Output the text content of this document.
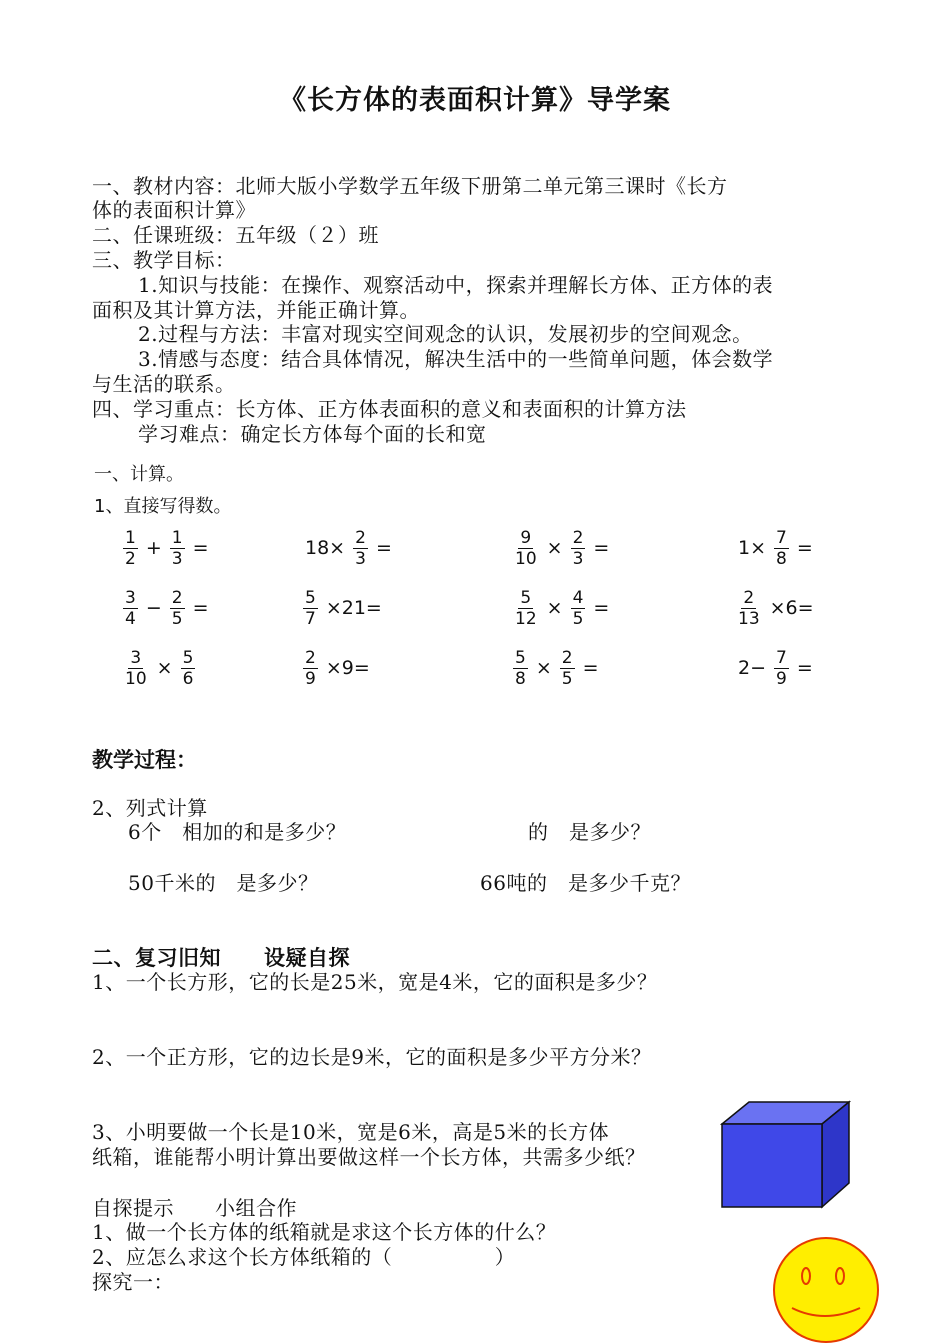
《长方体的表面积计算》导学案
一、教材内容：北师大版小学数学五年级下册第二单元第三课时《长方
体的表面积计算》
二、任课班级：五年级（２）班
三、教学目标：
1.知识与技能：在操作、观察活动中，探索并理解长方体、正方体的表
面积及其计算方法，并能正确计算。
2.过程与方法：丰富对现实空间观念的认识，发展初步的空间观念。
3.情感与态度：结合具体情况，解决生活中的一些简单问题，体会数学
与生活的联系。
四、学习重点：长方体、正方体表面积的意义和表面积的计算方法
学习难点：确定长方体每个面的长和宽
一、计算。
1、直接写得数。
$\frac{1}{2} + \frac{1}{3}$ =	$18\times \frac{2}{3}$ =	$\frac{9}{10} \times \frac{2}{3}$ =	$1\times \frac{7}{8}$ =
$\frac{3}{4} - \frac{2}{5}$ =	$\frac{5}{7} \times 21=$	$\frac{5}{12} \times \frac{4}{5}$ =	$\frac{2}{13} \times 6=$
$\frac{3}{10} \times \frac{5}{6}$	$\frac{2}{9} \times 9=$	$\frac{5}{8} \times \frac{2}{5}$ =	$2- \frac{7}{9}$ =
教学过程：
2、列式计算
6个　相加的和是多少？	的　是多少？
50千米的　是多少？	66吨的　是多少千克？
二、复习旧知　　设疑自探
1、一个长方形，它的长是25米，宽是4米，它的面积是多少？
2、一个正方形，它的边长是9米，它的面积是多少平方分米？
3、小明要做一个长是10米，宽是6米，高是5米的长方体
纸箱，谁能帮小明计算出要做这样一个长方体，共需多少纸？
自探提示　　小组合作
1、做一个长方体的纸箱就是求这个长方体的什么？
2、应怎么求这个长方体纸箱的（　　　　　）
探究一：
